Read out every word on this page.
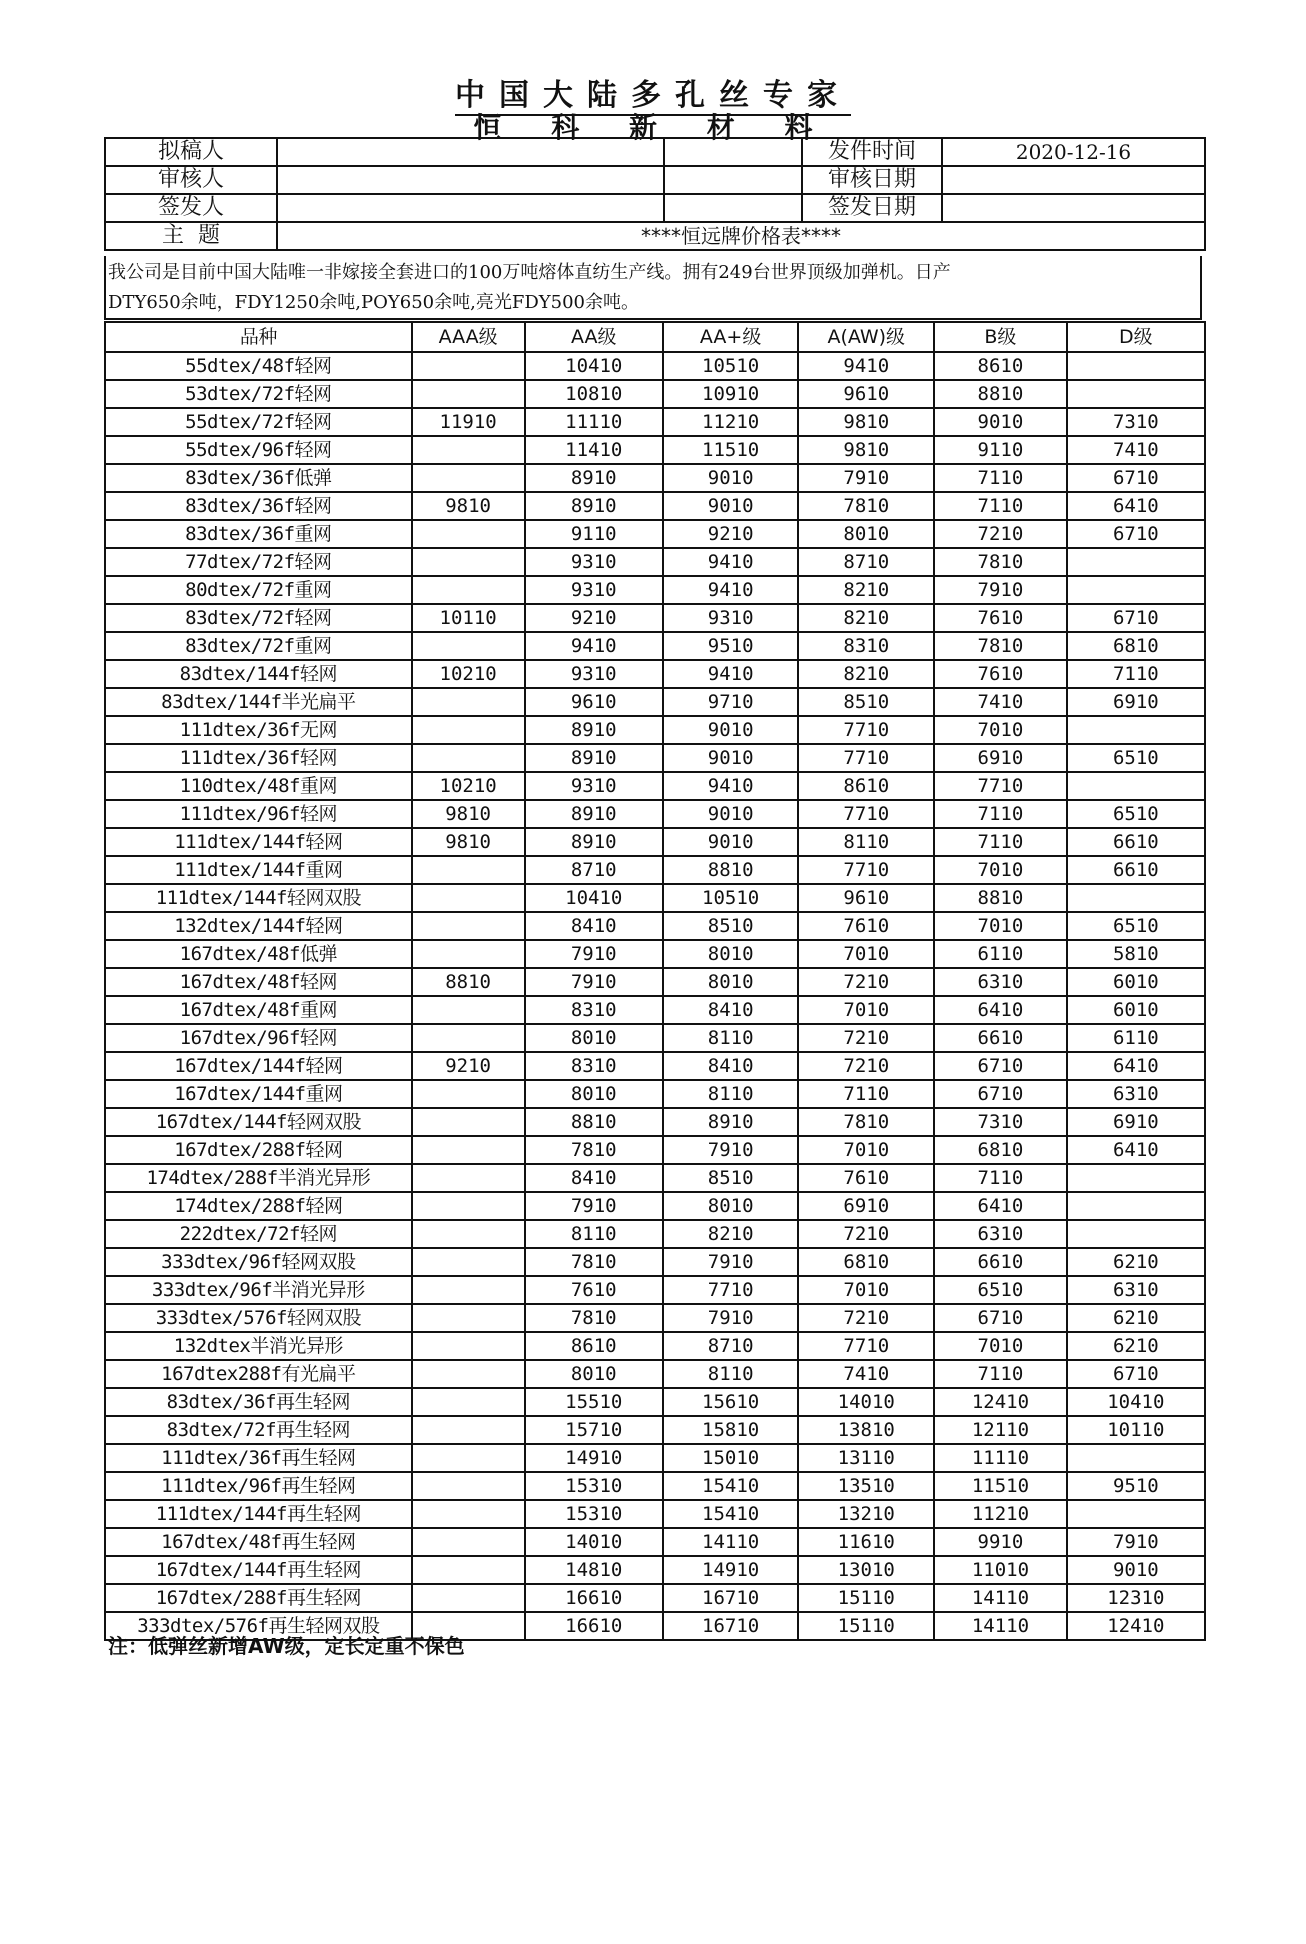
中国大陆多孔丝专家
恒 科 新 材 料
拟稿人			发件时间	2020-12-16
审核人			审核日期	
签发人			签发日期	
主  题	****恒远牌价格表****			
我公司是目前中国大陆唯一非嫁接全套进口的100万吨熔体直纺生产线。拥有249台世界顶级加弹机。日产
DTY650余吨，FDY1250余吨,POY650余吨,亮光FDY500余吨。
品种	AAA级	AA级	AA+级	A(AW)级	B级	D级
55dtex/48f轻网		10410	10510	9410	8610	
53dtex/72f轻网		10810	10910	9610	8810	
55dtex/72f轻网	11910	11110	11210	9810	9010	7310
55dtex/96f轻网		11410	11510	9810	9110	7410
83dtex/36f低弹		8910	9010	7910	7110	6710
83dtex/36f轻网	9810	8910	9010	7810	7110	6410
83dtex/36f重网		9110	9210	8010	7210	6710
77dtex/72f轻网		9310	9410	8710	7810	
80dtex/72f重网		9310	9410	8210	7910	
83dtex/72f轻网	10110	9210	9310	8210	7610	6710
83dtex/72f重网		9410	9510	8310	7810	6810
83dtex/144f轻网	10210	9310	9410	8210	7610	7110
83dtex/144f半光扁平		9610	9710	8510	7410	6910
111dtex/36f无网		8910	9010	7710	7010	
111dtex/36f轻网		8910	9010	7710	6910	6510
110dtex/48f重网	10210	9310	9410	8610	7710	
111dtex/96f轻网	9810	8910	9010	7710	7110	6510
111dtex/144f轻网	9810	8910	9010	8110	7110	6610
111dtex/144f重网		8710	8810	7710	7010	6610
111dtex/144f轻网双股		10410	10510	9610	8810	
132dtex/144f轻网		8410	8510	7610	7010	6510
167dtex/48f低弹		7910	8010	7010	6110	5810
167dtex/48f轻网	8810	7910	8010	7210	6310	6010
167dtex/48f重网		8310	8410	7010	6410	6010
167dtex/96f轻网		8010	8110	7210	6610	6110
167dtex/144f轻网	9210	8310	8410	7210	6710	6410
167dtex/144f重网		8010	8110	7110	6710	6310
167dtex/144f轻网双股		8810	8910	7810	7310	6910
167dtex/288f轻网		7810	7910	7010	6810	6410
174dtex/288f半消光异形		8410	8510	7610	7110	
174dtex/288f轻网		7910	8010	6910	6410	
222dtex/72f轻网		8110	8210	7210	6310	
333dtex/96f轻网双股		7810	7910	6810	6610	6210
333dtex/96f半消光异形		7610	7710	7010	6510	6310
333dtex/576f轻网双股		7810	7910	7210	6710	6210
132dtex半消光异形		8610	8710	7710	7010	6210
167dtex288f有光扁平		8010	8110	7410	7110	6710
83dtex/36f再生轻网		15510	15610	14010	12410	10410
83dtex/72f再生轻网		15710	15810	13810	12110	10110
111dtex/36f再生轻网		14910	15010	13110	11110	
111dtex/96f再生轻网		15310	15410	13510	11510	9510
111dtex/144f再生轻网		15310	15410	13210	11210	
167dtex/48f再生轻网		14010	14110	11610	9910	7910
167dtex/144f再生轻网		14810	14910	13010	11010	9010
167dtex/288f再生轻网		16610	16710	15110	14110	12310
333dtex/576f再生轻网双股		16610	16710	15110	14110	12410
注：低弹丝新增AW级，定长定重不保色
